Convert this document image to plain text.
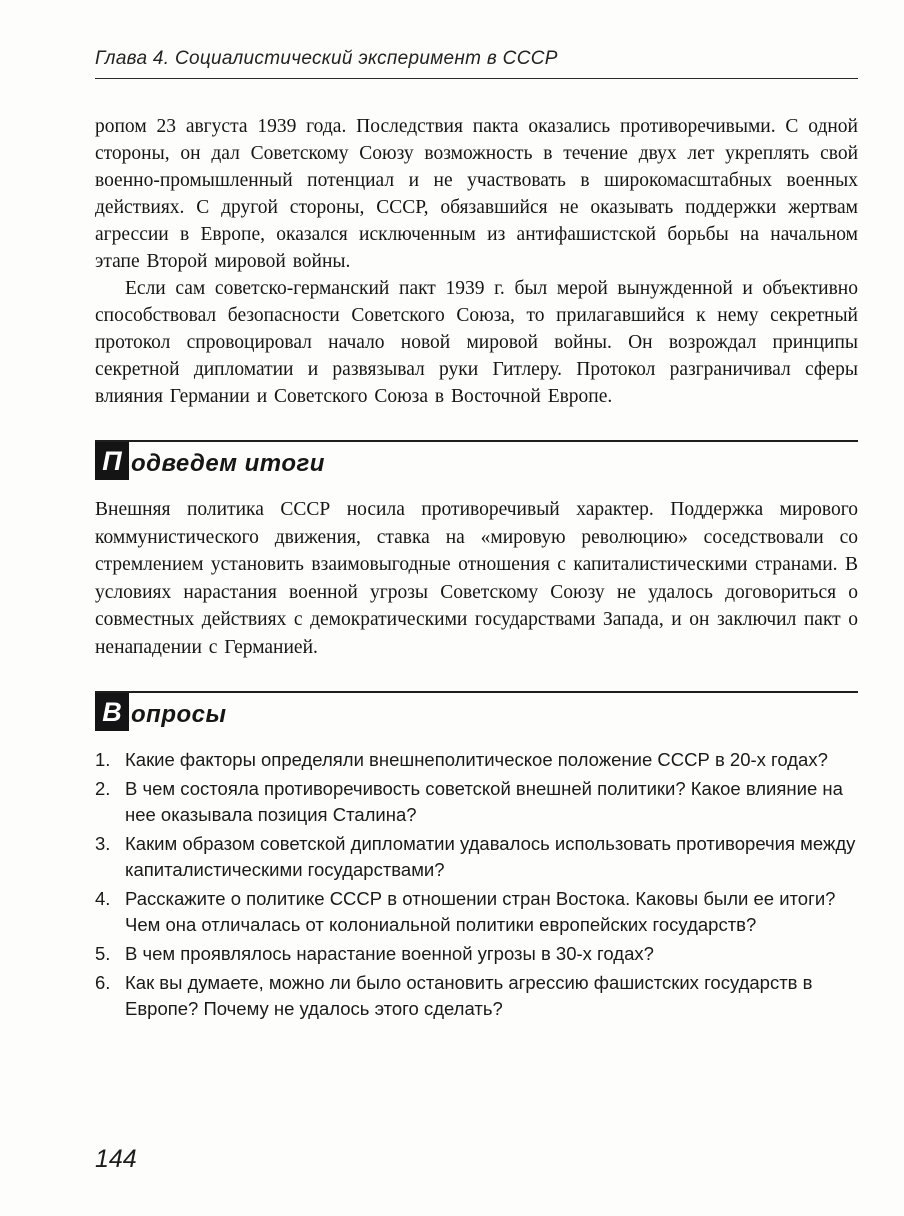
Глава 4. Социалистический эксперимент в СССР

ропом 23 августа 1939 года. Последствия пакта оказались противоречивыми. С одной стороны, он дал Советскому Союзу возможность в течение двух лет укреплять свой военно-промышленный потенциал и не участвовать в широкомасштабных военных действиях. С другой стороны, СССР, обязавшийся не оказывать поддержки жертвам агрессии в Европе, оказался исключенным из антифашистской борьбы на начальном этапе Второй мировой войны.

Если сам советско-германский пакт 1939 г. был мерой вынужденной и объективно способствовал безопасности Советского Союза, то прилагавшийся к нему секретный протокол спровоцировал начало новой мировой войны. Он возрождал принципы секретной дипломатии и развязывал руки Гитлеру. Протокол разграничивал сферы влияния Германии и Советского Союза в Восточной Европе.

П одведем итоги

Внешняя политика СССР носила противоречивый характер. Поддержка мирового коммунистического движения, ставка на «мировую революцию» соседствовали со стремлением установить взаимовыгодные отношения с капиталистическими странами. В условиях нарастания военной угрозы Советскому Союзу не удалось договориться о совместных действиях с демократическими государствами Запада, и он заключил пакт о ненападении с Германией.

В опросы
1. Какие факторы определяли внешнеполитическое положение СССР в 20-х годах?
2. В чем состояла противоречивость советской внешней политики? Какое влияние на нее оказывала позиция Сталина?
3. Каким образом советской дипломатии удавалось использовать противоречия между капиталистическими государствами?
4. Расскажите о политике СССР в отношении стран Востока. Каковы были ее итоги? Чем она отличалась от колониальной политики европейских государств?
5. В чем проявлялось нарастание военной угрозы в 30-х годах?
6. Как вы думаете, можно ли было остановить агрессию фашистских государств в Европе? Почему не удалось этого сделать?
144
